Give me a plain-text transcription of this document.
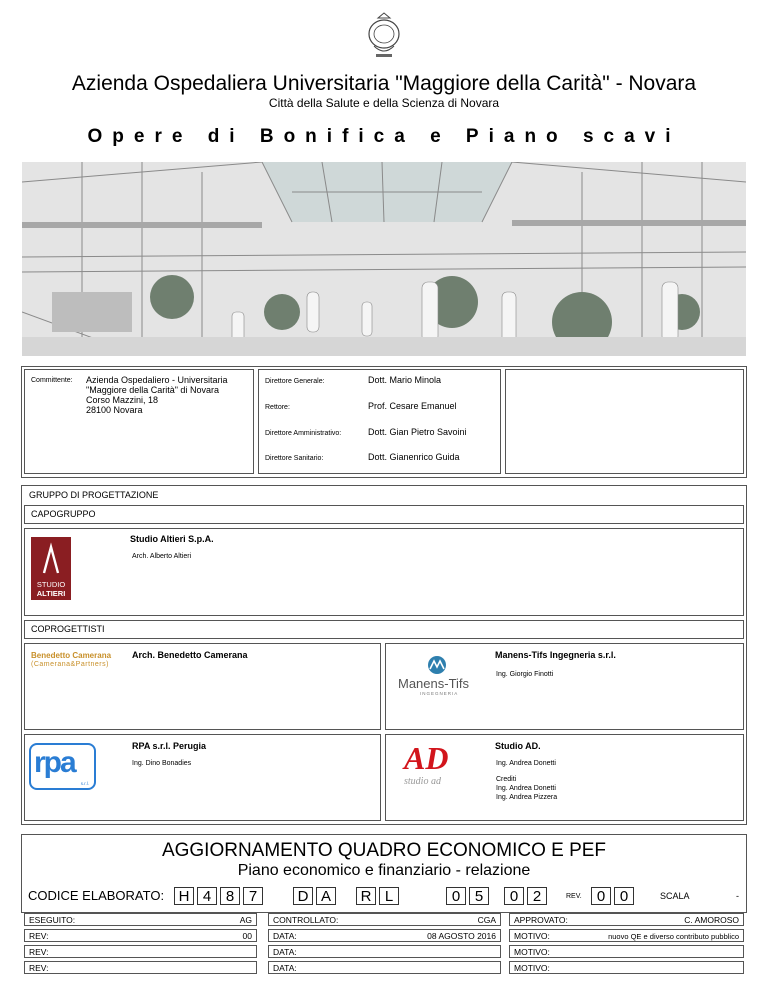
Azienda Ospedaliera Universitaria "Maggiore della Carità" - Novara
Città della Salute e della Scienza di Novara
Opere di Bonifica e Piano scavi
Committente: Azienda Ospedaliero - Universitaria
"Maggiore della Carità" di Novara
Corso Mazzini, 18
28100 Novara
Direttore Generale:	Dott. Mario Minola
Rettore:	Prof. Cesare Emanuel
Direttore Amministrativo:	Dott. Gian Pietro Savoini
Direttore Sanitario:	Dott. Gianenrico Guida
GRUPPO DI PROGETTAZIONE
CAPOGRUPPO
STUDIO
ALTIERI
Studio Altieri S.p.A.
Arch. Alberto Altieri
COPROGETTISTI
Benedetto Camerana
(Camerana&Partners)
Arch. Benedetto Camerana
Manens-Tifs
INGEGNERIA
Manens-Tifs Ingegneria s.r.l.
Ing. Giorgio Finotti
rpa
s.r.l.
RPA s.r.l. Perugia
Ing. Dino Bonadies	AD
studio ad
Studio AD.
Ing. Andrea Donetti
Crediti
Ing. Andrea Donetti
Ing. Andrea Pizzera
AGGIORNAMENTO QUADRO ECONOMICO E PEF
Piano economico e finanziario - relazione
CODICE ELABORATO: H 4 8 7	D A	R L	0 5	0 2	REV.	0 0	SCALA	-
ESEGUITO:	AG	CONTROLLATO:	CGA	APPROVATO:	C. AMOROSO
REV:	00	DATA:	08 AGOSTO 2016	MOTIVO:	nuovo QE e diverso contributo pubblico
REV:	DATA:	MOTIVO:
REV:	DATA:	MOTIVO:
